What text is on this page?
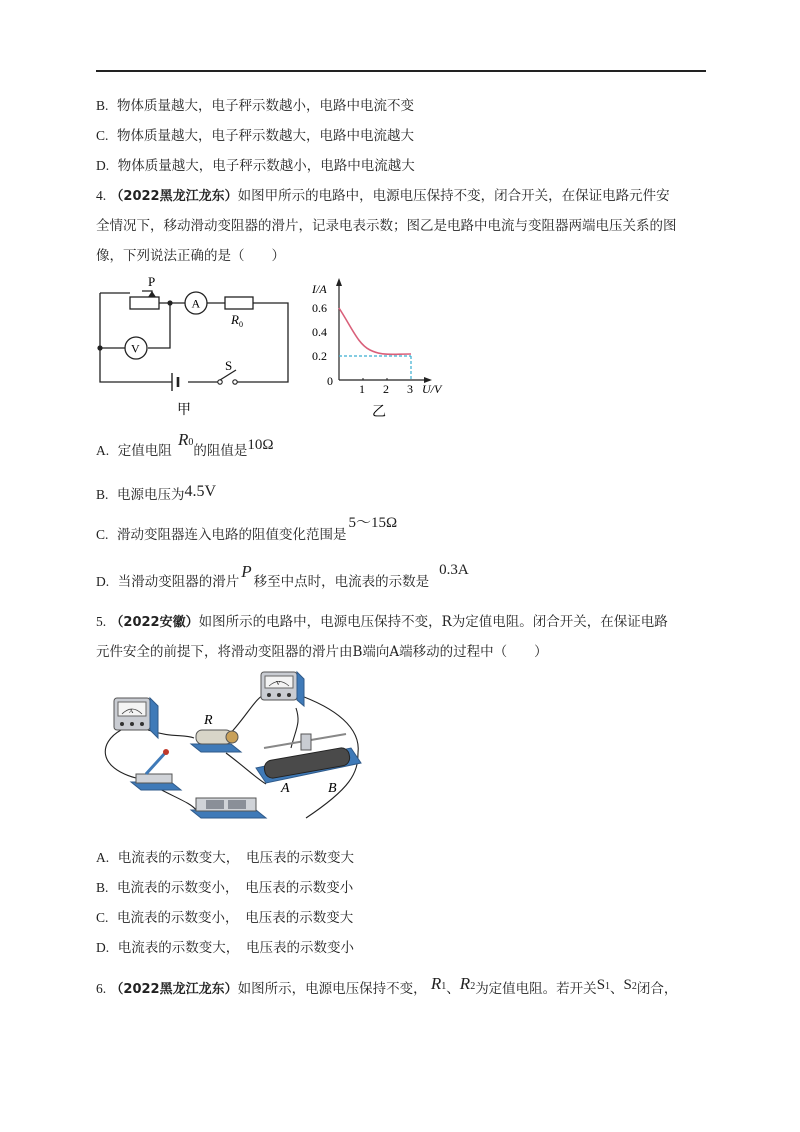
B. 物体质量越大，电子秤示数越小，电路中电流不变
C. 物体质量越大，电子秤示数越大，电路中电流越大
D. 物体质量越大，电子秤示数越小，电路中电流越大
4. （2022黑龙江龙东）如图甲所示的电路中，电源电压保持不变，闭合开关，在保证电路元件安
全情况下，移动滑动变阻器的滑片，记录电表示数；图乙是电路中电流与变阻器两端电压关系的图
像，下列说法正确的是（　　）
P
A
V
R 0
S
甲
I/A
U/V
0
0.6
0.4
0.2
1 2 3
乙
A. 定值电阻 R0的阻值是10Ω
B. 电源电压为4.5V
C. 滑动变阻器连入电路的阻值变化范围是5～15Ω
D. 当滑动变阻器的滑片P移至中点时，电流表的示数是0.3A
5. （2022安徽）如图所示的电路中，电源电压保持不变，R为定值电阻。闭合开关，在保证电路
元件安全的前提下，将滑动变阻器的滑片由B端向A端移动的过程中（　　）
A
V
R
A	B
A. 电流表的示数变大，　电压表的示数变大
B. 电流表的示数变小，　电压表的示数变小
C. 电流表的示数变小，　电压表的示数变大
D. 电流表的示数变大，　电压表的示数变小
6. （2022黑龙江龙东）如图所示，电源电压保持不变， R1、R2为定值电阻。若开关S1、S2闭合，
